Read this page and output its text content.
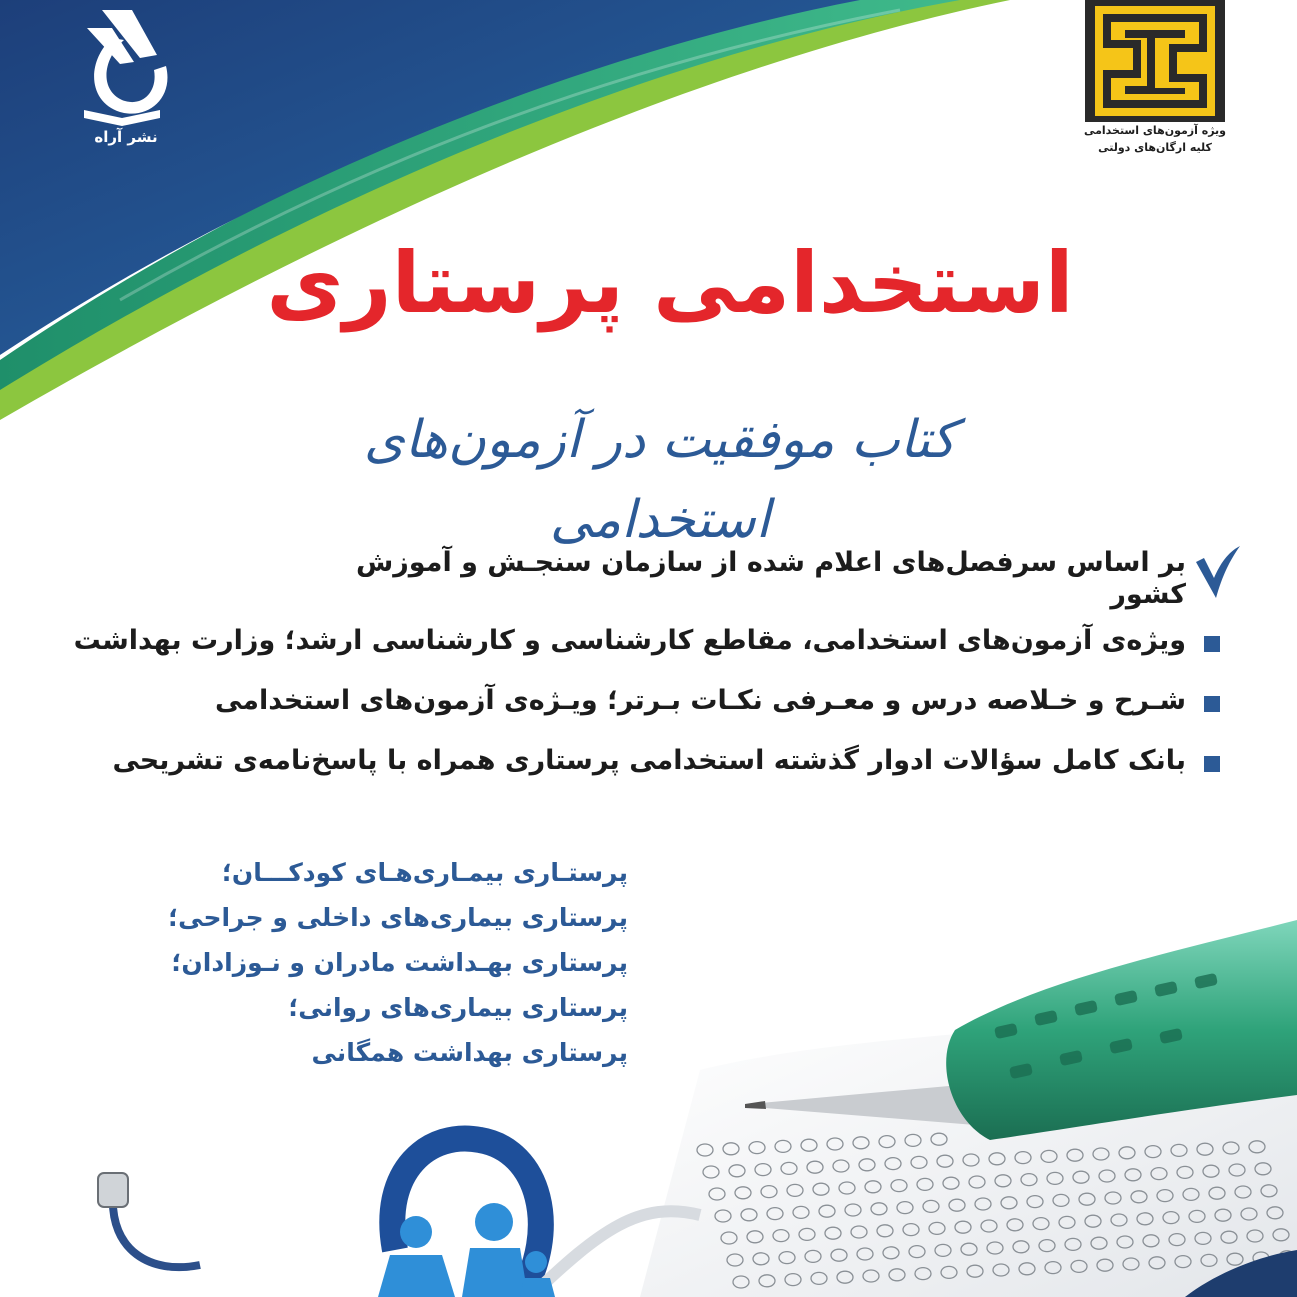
نشر آراه	ویژه آزمون‌های استخدامی
کلیه ارگان‌های دولتی
استخدامی پرستاری
کتاب موفقیت در آزمون‌های استخدامی
بر اساس سرفصل‌های اعلام شده از سازمان سنجـش و آموزش کشور
ویژه‌ی آزمون‌های استخدامی، مقاطع کارشناسی و کارشناسی ارشد؛ وزارت بهداشت
شـرح و خـلاصه درس و معـرفی نکـات بـرتر؛ ویـژه‌ی آزمون‌های استخدامی
بانک کامل سؤالات ادوار گذشته استخدامی پرستاری همراه با پاسخ‌نامه‌ی تشریحی
پرستـاری بیمـاری‌هـای کودکـــان؛
پرستاری بیماری‌های داخلی و جراحی؛
پرستاری بهـداشت مادران و نـوزادان؛
پرستاری بیماری‌های روانی؛
پرستاری بهداشت همگانی
